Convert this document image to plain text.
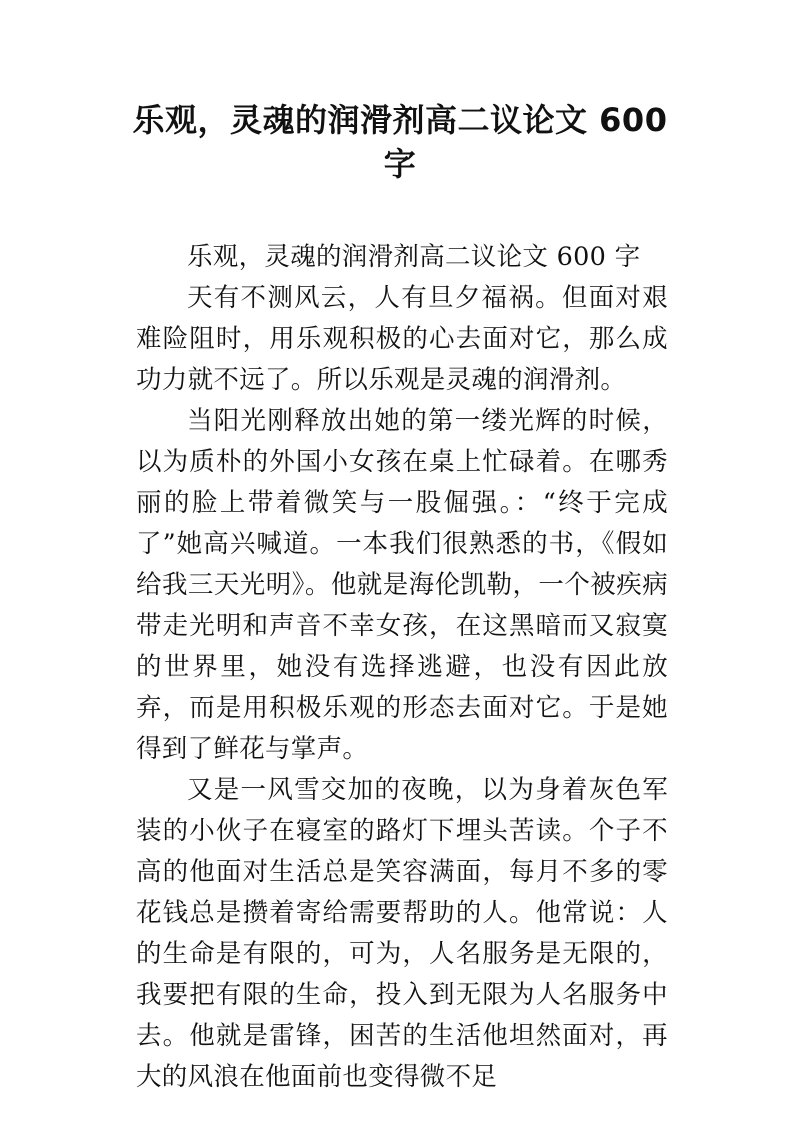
乐观，灵魂的润滑剂高二议论文 600 字

乐观，灵魂的润滑剂高二议论文 600 字

天有不测风云，人有旦夕福祸。但面对艰难险阻时，用乐观积极的心去面对它，那么成功力就不远了。所以乐观是灵魂的润滑剂。

当阳光刚释放出她的第一缕光辉的时候，以为质朴的外国小女孩在桌上忙碌着。在哪秀丽的脸上带着微笑与一股倔强。：“终于完成了”她高兴喊道。一本我们很熟悉的书，《假如给我三天光明》。他就是海伦凯勒，一个被疾病带走光明和声音不幸女孩，在这黑暗而又寂寞的世界里，她没有选择逃避，也没有因此放弃，而是用积极乐观的形态去面对它。于是她得到了鲜花与掌声。

又是一风雪交加的夜晚，以为身着灰色军装的小伙子在寝室的路灯下埋头苦读。个子不高的他面对生活总是笑容满面，每月不多的零花钱总是攒着寄给需要帮助的人。他常说：人的生命是有限的，可为，人名服务是无限的，我要把有限的生命，投入到无限为人名服务中去。他就是雷锋，困苦的生活他坦然面对，再大的风浪在他面前也变得微不足
